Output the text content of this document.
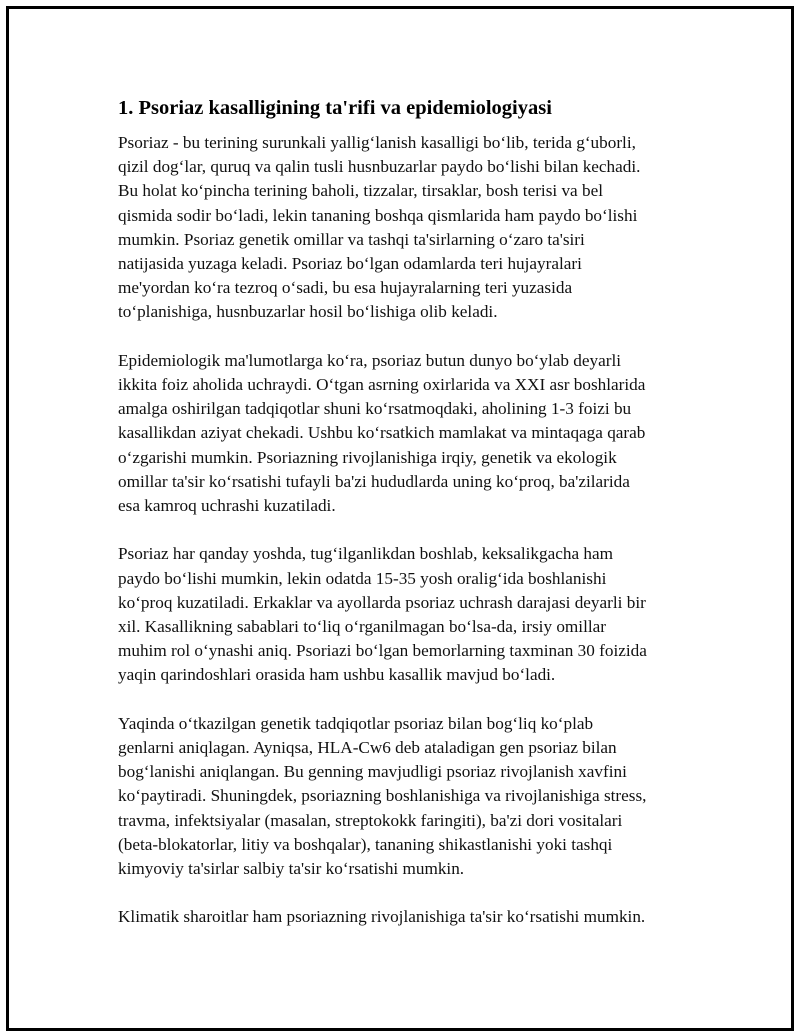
1. Psoriaz kasalligining ta'rifi va epidemiologiyasi
Psoriaz - bu terining surunkali yallig‘lanish kasalligi bo‘lib, terida g‘uborli,
qizil dog‘lar, quruq va qalin tusli husnbuzarlar paydo bo‘lishi bilan kechadi.
Bu holat ko‘pincha terining baholi, tizzalar, tirsaklar, bosh terisi va bel
qismida sodir bo‘ladi, lekin tananing boshqa qismlarida ham paydo bo‘lishi
mumkin. Psoriaz genetik omillar va tashqi ta'sirlarning o‘zaro ta'siri
natijasida yuzaga keladi. Psoriaz bo‘lgan odamlarda teri hujayralari
me'yordan ko‘ra tezroq o‘sadi, bu esa hujayralarning teri yuzasida
to‘planishiga, husnbuzarlar hosil bo‘lishiga olib keladi.
Epidemiologik ma'lumotlarga ko‘ra, psoriaz butun dunyo bo‘ylab deyarli
ikkita foiz aholida uchraydi. O‘tgan asrning oxirlarida va XXI asr boshlarida
amalga oshirilgan tadqiqotlar shuni ko‘rsatmoqdaki, aholining 1-3 foizi bu
kasallikdan aziyat chekadi. Ushbu ko‘rsatkich mamlakat va mintaqaga qarab
o‘zgarishi mumkin. Psoriazning rivojlanishiga irqiy, genetik va ekologik
omillar ta'sir ko‘rsatishi tufayli ba'zi hududlarda uning ko‘proq, ba'zilarida
esa kamroq uchrashi kuzatiladi.
Psoriaz har qanday yoshda, tug‘ilganlikdan boshlab, keksalikgacha ham
paydo bo‘lishi mumkin, lekin odatda 15-35 yosh oralig‘ida boshlanishi
ko‘proq kuzatiladi. Erkaklar va ayollarda psoriaz uchrash darajasi deyarli bir
xil. Kasallikning sabablari to‘liq o‘rganilmagan bo‘lsa-da, irsiy omillar
muhim rol o‘ynashi aniq. Psoriazi bo‘lgan bemorlarning taxminan 30 foizida
yaqin qarindoshlari orasida ham ushbu kasallik mavjud bo‘ladi.
Yaqinda o‘tkazilgan genetik tadqiqotlar psoriaz bilan bog‘liq ko‘plab
genlarni aniqlagan. Ayniqsa, HLA-Cw6 deb ataladigan gen psoriaz bilan
bog‘lanishi aniqlangan. Bu genning mavjudligi psoriaz rivojlanish xavfini
ko‘paytiradi. Shuningdek, psoriazning boshlanishiga va rivojlanishiga stress,
travma, infektsiyalar (masalan, streptokokk faringiti), ba'zi dori vositalari
(beta-blokatorlar, litiy va boshqalar), tananing shikastlanishi yoki tashqi
kimyoviy ta'sirlar salbiy ta'sir ko‘rsatishi mumkin.
Klimatik sharoitlar ham psoriazning rivojlanishiga ta'sir ko‘rsatishi mumkin.
